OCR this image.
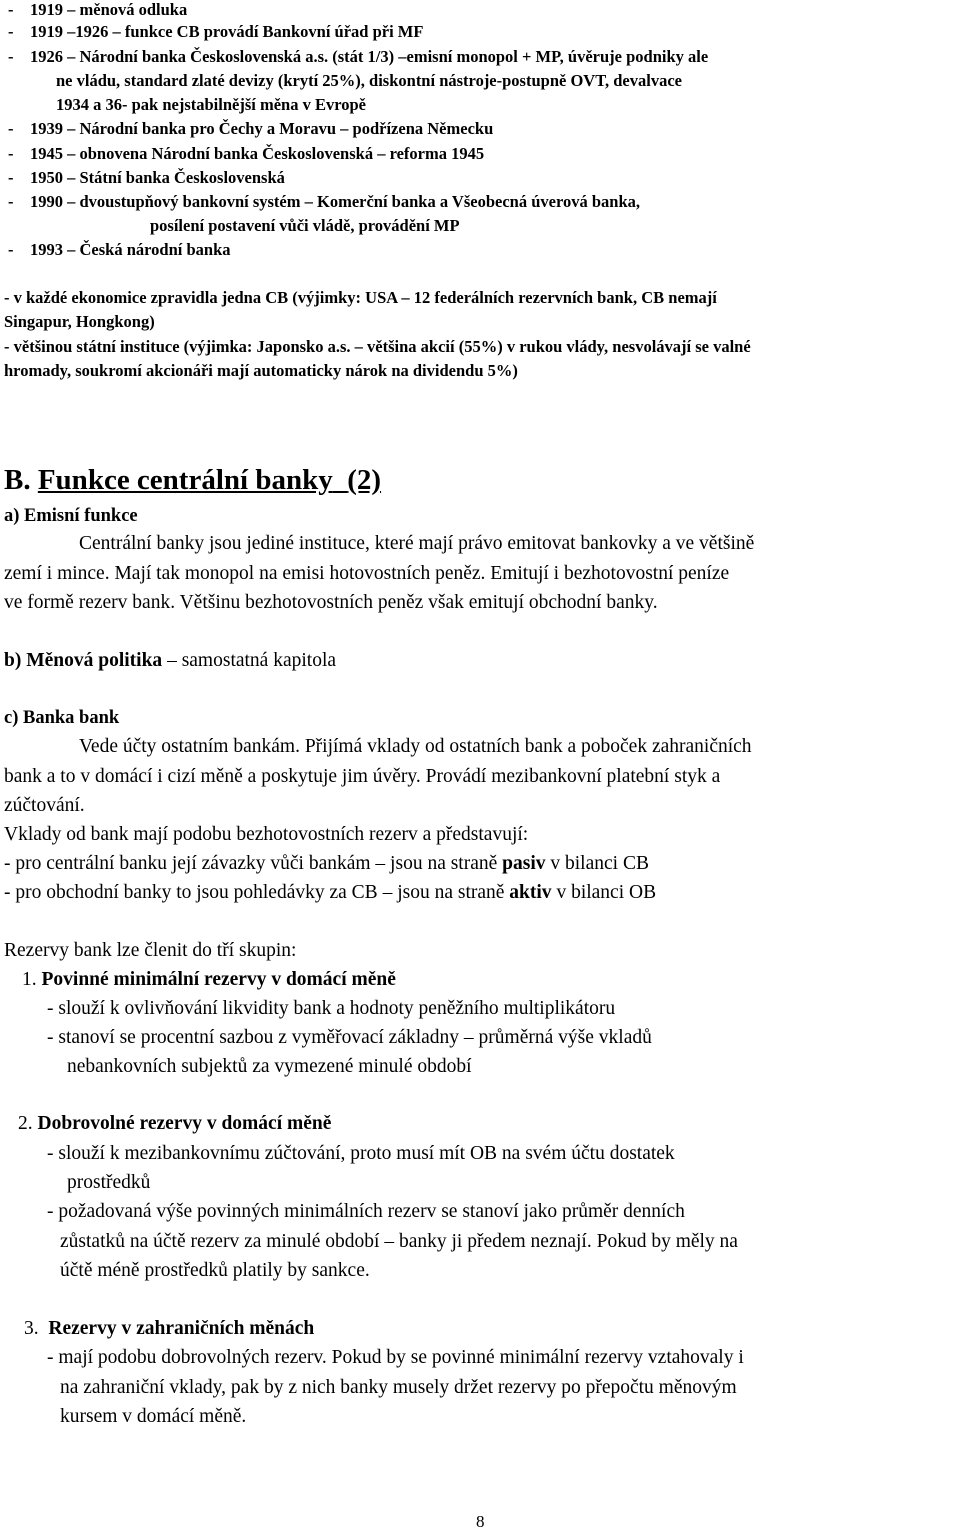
-    1919 – měnová odluka
-    1919 –1926 – funkce CB provádí Bankovní úřad při MF
-    1926 – Národní banka Československá a.s. (stát 1/3) –emisní monopol + MP, úvěruje podniky ale
ne vládu, standard zlaté devizy (krytí 25%), diskontní nástroje-postupně OVT, devalvace
1934 a 36- pak nejstabilnější měna v Evropě
-    1939 – Národní banka pro Čechy a Moravu – podřízena Německu
-    1945 – obnovena Národní banka Československá – reforma 1945
-    1950 – Státní banka Československá
-    1990 – dvoustupňový bankovní systém – Komerční banka a Všeobecná úverová banka,
posílení postavení vůči vládě, provádění MP
-    1993 – Česká národní banka
- v každé ekonomice zpravidla jedna CB (výjimky: USA – 12 federálních rezervních bank, CB nemají
Singapur, Hongkong)
- většinou státní instituce (výjimka: Japonsko a.s. – většina akcií (55%) v rukou vlády, nesvolávají se valné
hromady, soukromí akcionáři mají automaticky nárok na dividendu 5%)
B. Funkce centrální banky (2)
a) Emisní funkce
Centrální banky jsou jediné instituce, které mají právo emitovat bankovky a ve většině
zemí i mince. Mají tak monopol na emisi hotovostních peněz. Emitují i bezhotovostní peníze
ve formě rezerv bank. Většinu bezhotovostních peněz však emitují obchodní banky.
b) Měnová politika – samostatná kapitola
c) Banka bank
Vede účty ostatním bankám. Přijímá vklady od ostatních bank a poboček zahraničních
bank a to v domácí i cizí měně a poskytuje jim úvěry. Provádí mezibankovní platební styk a
zúčtování.
Vklady od bank mají podobu bezhotovostních rezerv a představují:
- pro centrální banku její závazky vůči bankám – jsou na straně pasiv v bilanci CB
- pro obchodní banky to jsou pohledávky za CB – jsou na straně aktiv v bilanci OB
Rezervy bank lze členit do tří skupin:
1. Povinné minimální rezervy v domácí měně
- slouží k ovlivňování likvidity bank a hodnoty peněžního multiplikátoru
- stanoví se procentní sazbou z vyměřovací základny – průměrná výše vkladů
nebankovních subjektů za vymezené minulé období
2. Dobrovolné rezervy v domácí měně
- slouží k mezibankovnímu zúčtování, proto musí mít OB na svém účtu dostatek
prostředků
- požadovaná výše povinných minimálních rezerv se stanoví jako průměr denních
zůstatků na účtě rezerv za minulé období – banky ji předem neznají. Pokud by měly na
účtě méně prostředků platily by sankce.
3. Rezervy v zahraničních měnách
- mají podobu dobrovolných rezerv. Pokud by se povinné minimální rezervy vztahovaly i
na zahraniční vklady, pak by z nich banky musely držet rezervy po přepočtu měnovým
kursem v domácí měně.
8
